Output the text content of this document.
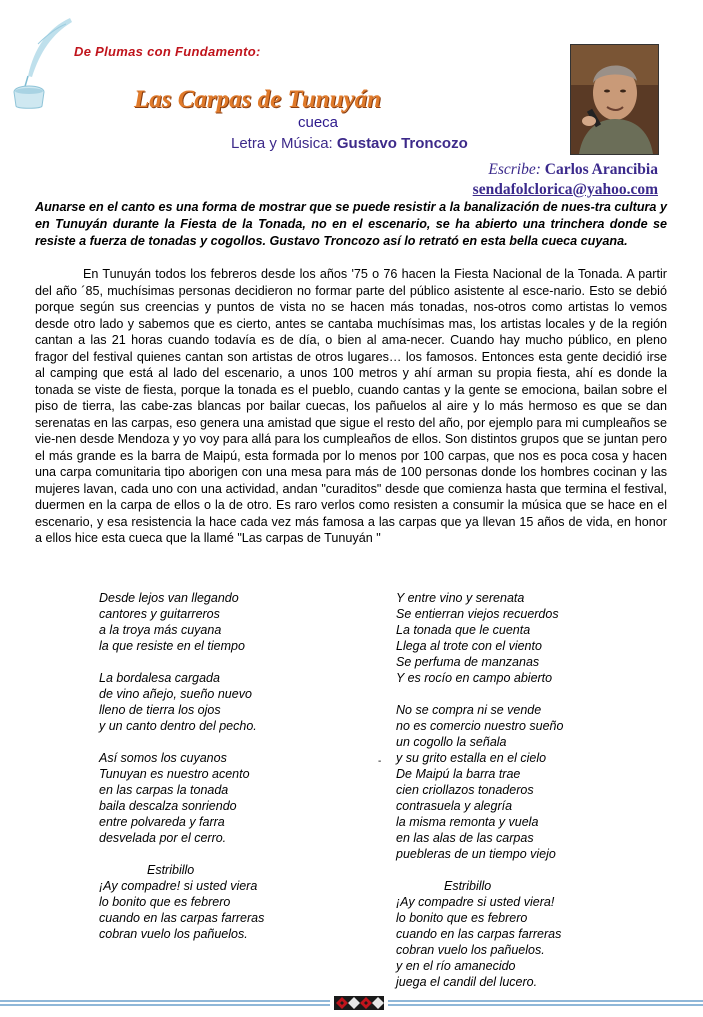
De Plumas con Fundamento:
Las Carpas de Tunuyán
cueca
Letra y Música: Gustavo Troncozo
Escribe: Carlos Arancibia
sendafolclorica@yahoo.com

Aunarse en el canto es una forma de mostrar que se puede resistir a la banalización de nues-tra cultura y en Tunuyán durante la Fiesta de la Tonada, no en el escenario, se ha abierto una trinchera donde se resiste a fuerza de tonadas y cogollos. Gustavo Troncozo así lo retrató en esta bella cueca cuyana.

En Tunuyán todos los febreros desde los años '75 o 76 hacen la Fiesta Nacional de la Tonada. A partir del año ´85, muchísimas personas decidieron no formar parte del público asistente al esce-nario. Esto se debió porque según sus creencias y puntos de vista no se hacen más tonadas, nos-otros como artistas lo vemos desde otro lado y sabemos que es cierto, antes se cantaba muchísimas mas, los artistas locales y de la región cantan a las 21 horas cuando todavía es de día, o bien al ama-necer. Cuando hay mucho público, en pleno fragor del festival quienes cantan son artistas de otros lugares… los famosos. Entonces esta gente decidió irse al camping que está al lado del escenario, a unos 100 metros y ahí arman su propia fiesta, ahí es donde la tonada se viste de fiesta, porque la tonada es el pueblo, cuando cantas y la gente se emociona, bailan sobre el piso de tierra, las cabe-zas blancas por bailar cuecas, los pañuelos al aire y lo más hermoso es que se dan serenatas en las carpas, eso genera una amistad que sigue el resto del año, por ejemplo para mi cumpleaños se vie-nen desde Mendoza y yo voy para allá para los cumpleaños de ellos. Son distintos grupos que se juntan pero el más grande es la barra de Maipú, esta formada por lo menos por 100 carpas, que nos es poca cosa y hacen una carpa comunitaria tipo aborigen con una mesa para más de 100 personas donde los hombres cocinan y las mujeres lavan, cada uno con una actividad, andan "curaditos" desde que comienza hasta que termina el festival, duermen en la carpa de ellos o la de otro. Es raro verlos como resisten a consumir la música que se hace en el escenario, y esa resistencia la hace cada vez más famosa a las carpas que ya llevan 15 años de vida, en honor a ellos hice esta cueca que la llamé "Las carpas de Tunuyán "

Desde lejos van llegando
cantores y guitarreros
a la troya más cuyana
la que resiste en el tiempo
La bordalesa cargada
de vino añejo, sueño nuevo
lleno de tierra los ojos
y un canto dentro del pecho.
Así somos los cuyanos
Tunuyan es nuestro acento
en las carpas la tonada
baila descalza sonriendo
entre polvareda y farra
desvelada por el cerro.
Estribillo
¡Ay compadre! si usted viera
lo bonito que es febrero
cuando en las carpas farreras
cobran vuelo los pañuelos.
-
Y entre vino y serenata
Se entierran viejos recuerdos
La tonada que le cuenta
Llega al trote con el viento
Se perfuma de manzanas
Y es rocío en campo abierto
No se compra ni se vende
no es comercio nuestro sueño
un cogollo la señala
y su grito estalla en el cielo
De Maipú la barra trae
cien criollazos tonaderos
contrasuela y alegría
la misma remonta y vuela
en las alas de las carpas
puebleras de un tiempo viejo
Estribillo
¡Ay compadre si usted viera!
lo bonito que es febrero
cuando en las carpas farreras
cobran vuelo los pañuelos.
y en el río amanecido
juega el candil del lucero.
